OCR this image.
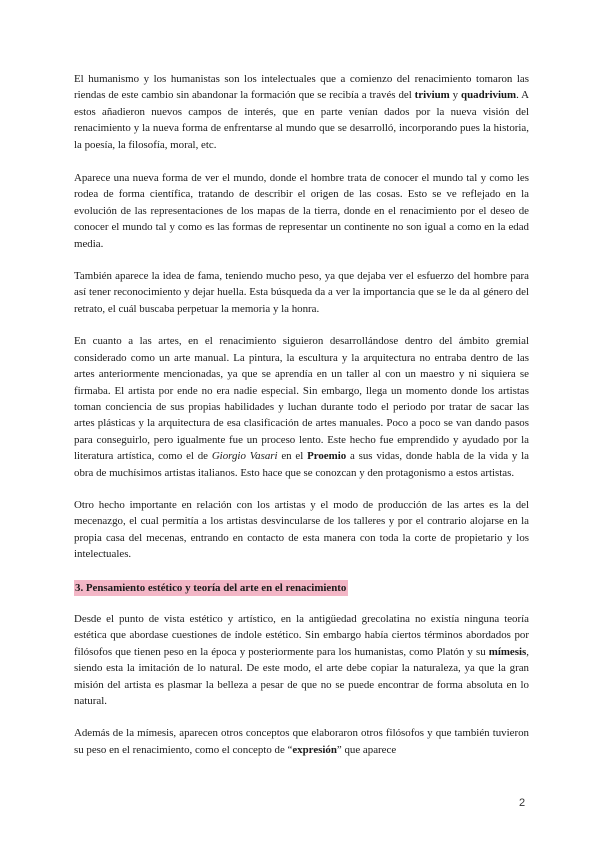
El humanismo y los humanistas son los intelectuales que a comienzo del renacimiento tomaron las riendas de este cambio sin abandonar la formación que se recibía a través del trivium y quadrivium. A estos añadieron nuevos campos de interés, que en parte venían dados por la nueva visión del renacimiento y la nueva forma de enfrentarse al mundo que se desarrolló, incorporando pues la historia, la poesía, la filosofía, moral, etc.

Aparece una nueva forma de ver el mundo, donde el hombre trata de conocer el mundo tal y como les rodea de forma científica, tratando de describir el origen de las cosas. Esto se ve reflejado en la evolución de las representaciones de los mapas de la tierra, donde en el renacimiento por el deseo de conocer el mundo tal y como es las formas de representar un continente no son igual a como en la edad media.

También aparece la idea de fama, teniendo mucho peso, ya que dejaba ver el esfuerzo del hombre para así tener reconocimiento y dejar huella. Esta búsqueda da a ver la importancia que se le da al género del retrato, el cuál buscaba perpetuar la memoria y la honra.

En cuanto a las artes, en el renacimiento siguieron desarrollándose dentro del ámbito gremial considerado como un arte manual. La pintura, la escultura y la arquitectura no entraba dentro de las artes anteriormente mencionadas, ya que se aprendía en un taller al con un maestro y ni siquiera se firmaba. El artista por ende no era nadie especial. Sin embargo, llega un momento donde los artistas toman conciencia de sus propias habilidades y luchan durante todo el periodo por tratar de sacar las artes plásticas y la arquitectura de esa clasificación de artes manuales. Poco a poco se van dando pasos para conseguirlo, pero igualmente fue un proceso lento. Este hecho fue emprendido y ayudado por la literatura artística, como el de Giorgio Vasari en el Proemio a sus vidas, donde habla de la vida y la obra de muchísimos artistas italianos. Esto hace que se conozcan y den protagonismo a estos artistas.

Otro hecho importante en relación con los artistas y el modo de producción de las artes es la del mecenazgo, el cual permitía a los artistas desvincularse de los talleres y por el contrario alojarse en la propia casa del mecenas, entrando en contacto de esta manera con toda la corte de propietario y los intelectuales.

3. Pensamiento estético y teoría del arte en el renacimiento

Desde el punto de vista estético y artístico, en la antigüedad grecolatina no existía ninguna teoría estética que abordase cuestiones de índole estético. Sin embargo había ciertos términos abordados por filósofos que tienen peso en la época y posteriormente para los humanistas, como Platón y su mímesis, siendo esta la imitación de lo natural. De este modo, el arte debe copiar la naturaleza, ya que la gran misión del artista es plasmar la belleza a pesar de que no se puede encontrar de forma absoluta en lo natural.

Además de la mímesis, aparecen otros conceptos que elaboraron otros filósofos y que también tuvieron su peso en el renacimiento, como el concepto de “expresión” que aparece

2
